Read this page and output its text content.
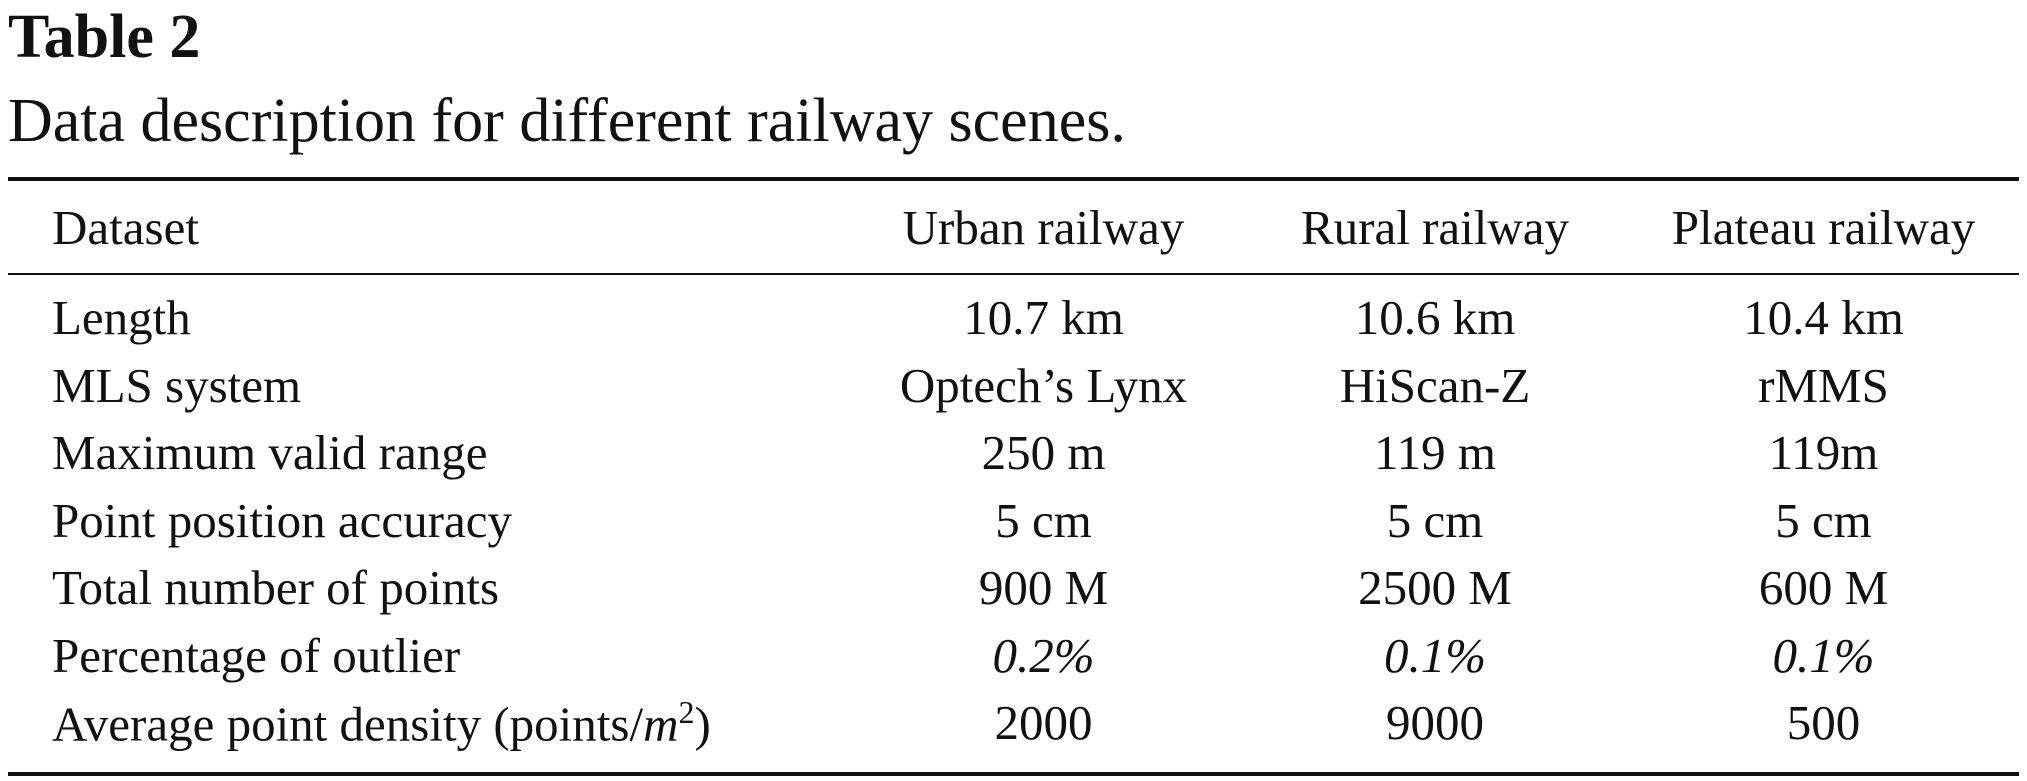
Table 2
Data description for different railway scenes.
Dataset	Urban railway	Rural railway	Plateau railway
Length	10.7 km	10.6 km	10.4 km
MLS system	Optech’s Lynx	HiScan-Z	rMMS
Maximum valid range	250 m	119 m	119m
Point position accuracy	5 cm	5 cm	5 cm
Total number of points	900 M	2500 M	600 M
Percentage of outlier	0.2%	0.1%	0.1%
Average point density $(points/m^2)$	2000	9000	500
